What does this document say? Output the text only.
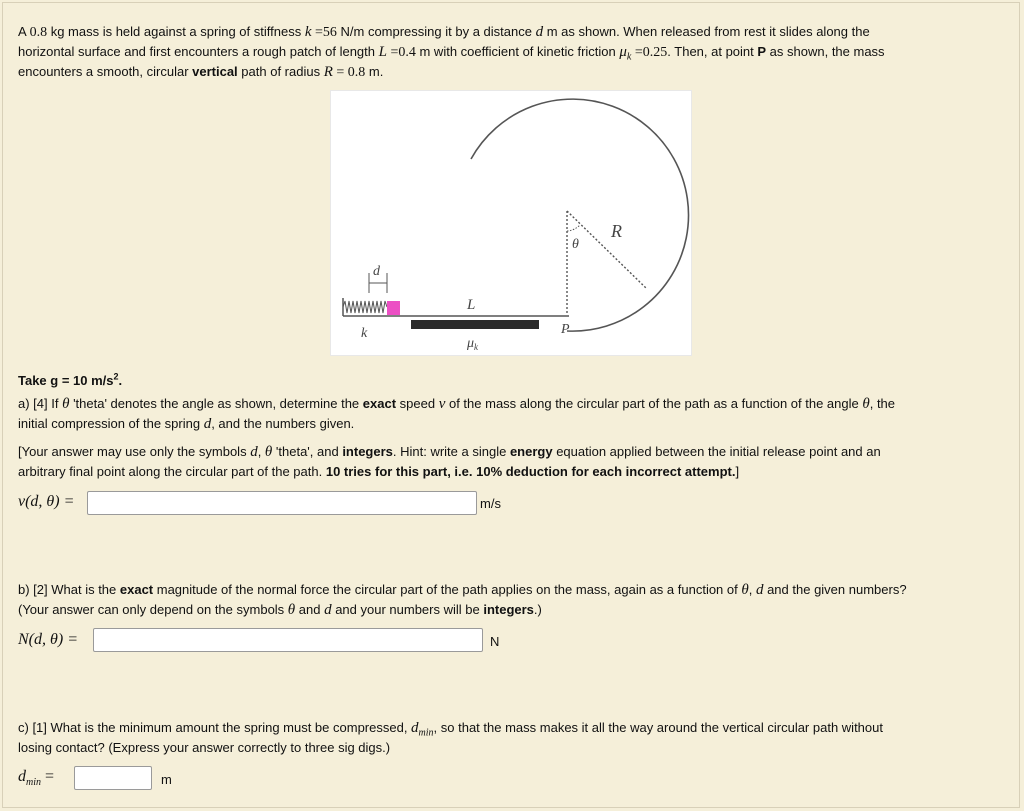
A 0.8 kg mass is held against a spring of stiffness k =56 N/m compressing it by a distance d m as shown. When released from rest it slides along the
horizontal surface and first encounters a rough patch of length L =0.4 m with coefficient of kinetic friction $\mu_k =0.25$. Then, at point P as shown, the mass
encounters a smooth, circular vertical path of radius R = 0.8 m.
d
k
L
$\mu_k$
P
R
θ
Take g = 10 $m/s^2$.
a) [4] If θ 'theta' denotes the angle as shown, determine the exact speed v of the mass along the circular part of the path as a function of the angle θ, the
initial compression of the spring d, and the numbers given.
[Your answer may use only the symbols d, θ 'theta', and integers. Hint: write a single energy equation applied between the initial release point and an
arbitrary final point along the circular part of the path. 10 tries for this part, i.e. 10% deduction for each incorrect attempt.]
v(d, θ) =	m/s
b) [2] What is the exact magnitude of the normal force the circular part of the path applies on the mass, again as a function of θ, d and the given numbers?
(Your answer can only depend on the symbols θ and d and your numbers will be integers.)
N(d, θ) =	N
c) [1] What is the minimum amount the spring must be compressed, $d_{min}$, so that the mass makes it all the way around the vertical circular path without
losing contact? (Express your answer correctly to three sig digs.)
$d_{min}$ =	m
